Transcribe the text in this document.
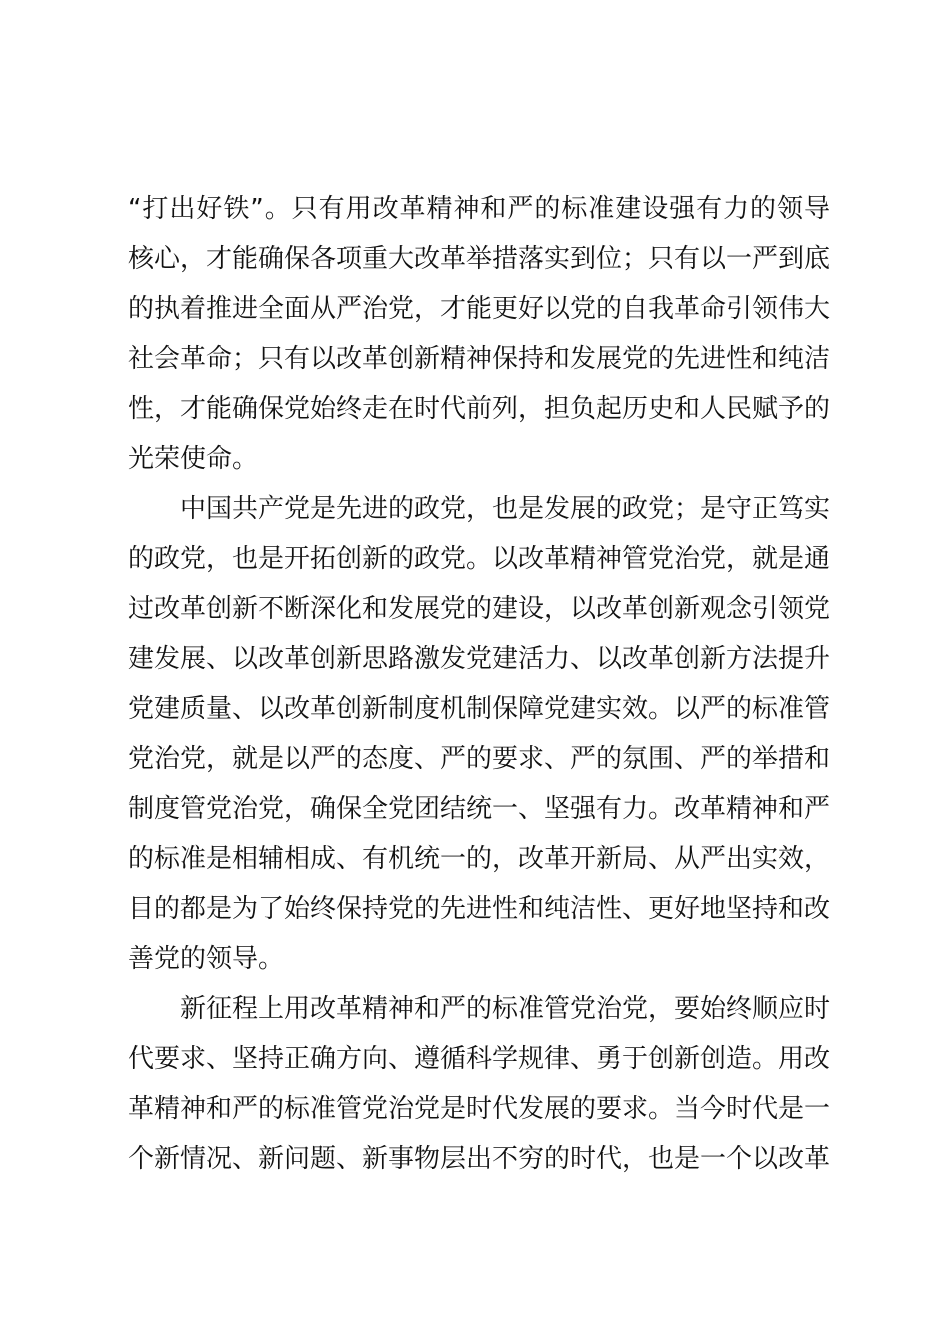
“打出好铁”。只有用改革精神和严的标准建设强有力的领导
核心，才能确保各项重大改革举措落实到位；只有以一严到底
的执着推进全面从严治党，才能更好以党的自我革命引领伟大
社会革命；只有以改革创新精神保持和发展党的先进性和纯洁
性，才能确保党始终走在时代前列，担负起历史和人民赋予的
光荣使命。
　　中国共产党是先进的政党，也是发展的政党；是守正笃实
的政党，也是开拓创新的政党。以改革精神管党治党，就是通
过改革创新不断深化和发展党的建设，以改革创新观念引领党
建发展、以改革创新思路激发党建活力、以改革创新方法提升
党建质量、以改革创新制度机制保障党建实效。以严的标准管
党治党，就是以严的态度、严的要求、严的氛围、严的举措和
制度管党治党，确保全党团结统一、坚强有力。改革精神和严
的标准是相辅相成、有机统一的，改革开新局、从严出实效，
目的都是为了始终保持党的先进性和纯洁性、更好地坚持和改
善党的领导。
　　新征程上用改革精神和严的标准管党治党，要始终顺应时
代要求、坚持正确方向、遵循科学规律、勇于创新创造。用改
革精神和严的标准管党治党是时代发展的要求。当今时代是一
个新情况、新问题、新事物层出不穷的时代，也是一个以改革
